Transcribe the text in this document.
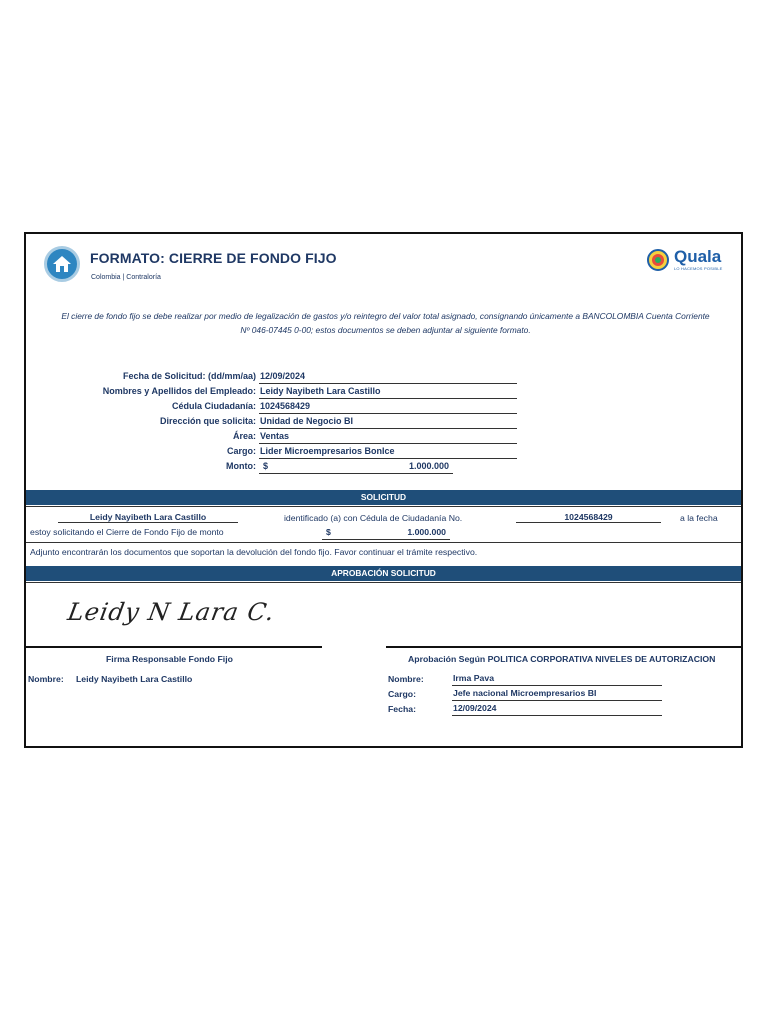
FORMATO: CIERRE DE FONDO FIJO
Colombia | Contraloría
Quala
LO HACEMOS POSIBLE
El cierre de fondo fijo se debe realizar por medio de legalización de gastos y/o reintegro del valor total asignado, consignando únicamente a BANCOLOMBIA Cuenta Corriente
Nº 046-07445 0-00; estos documentos se deben adjuntar al siguiente formato.
Fecha de Solicitud: (dd/mm/aa) 12/09/2024
Nombres y Apellidos del Empleado: Leidy Nayibeth Lara Castillo
Cédula Ciudadanía: 1024568429
Dirección que solicita: Unidad de Negocio BI
Área: Ventas
Cargo: Lider Microempresarios BonIce
Monto: $	1.000.000
SOLICITUD
Leidy Nayibeth Lara Castillo	identificado (a) con Cédula de Ciudadanía No.	1024568429	a la fecha
estoy solicitando el Cierre de Fondo Fijo de monto	$	1.000.000
Adjunto encontrarán los documentos que soportan la devolución del fondo fijo. Favor continuar el trámite respectivo.
APROBACIÓN SOLICITUD
Leidy N Lara C.
Firma Responsable Fondo Fijo	Aprobación Según POLITICA CORPORATIVA NIVELES DE AUTORIZACION
Nombre: Leidy Nayibeth Lara Castillo	Nombre:	Irma Pava
Cargo:	Jefe nacional Microempresarios BI
Fecha:	12/09/2024
